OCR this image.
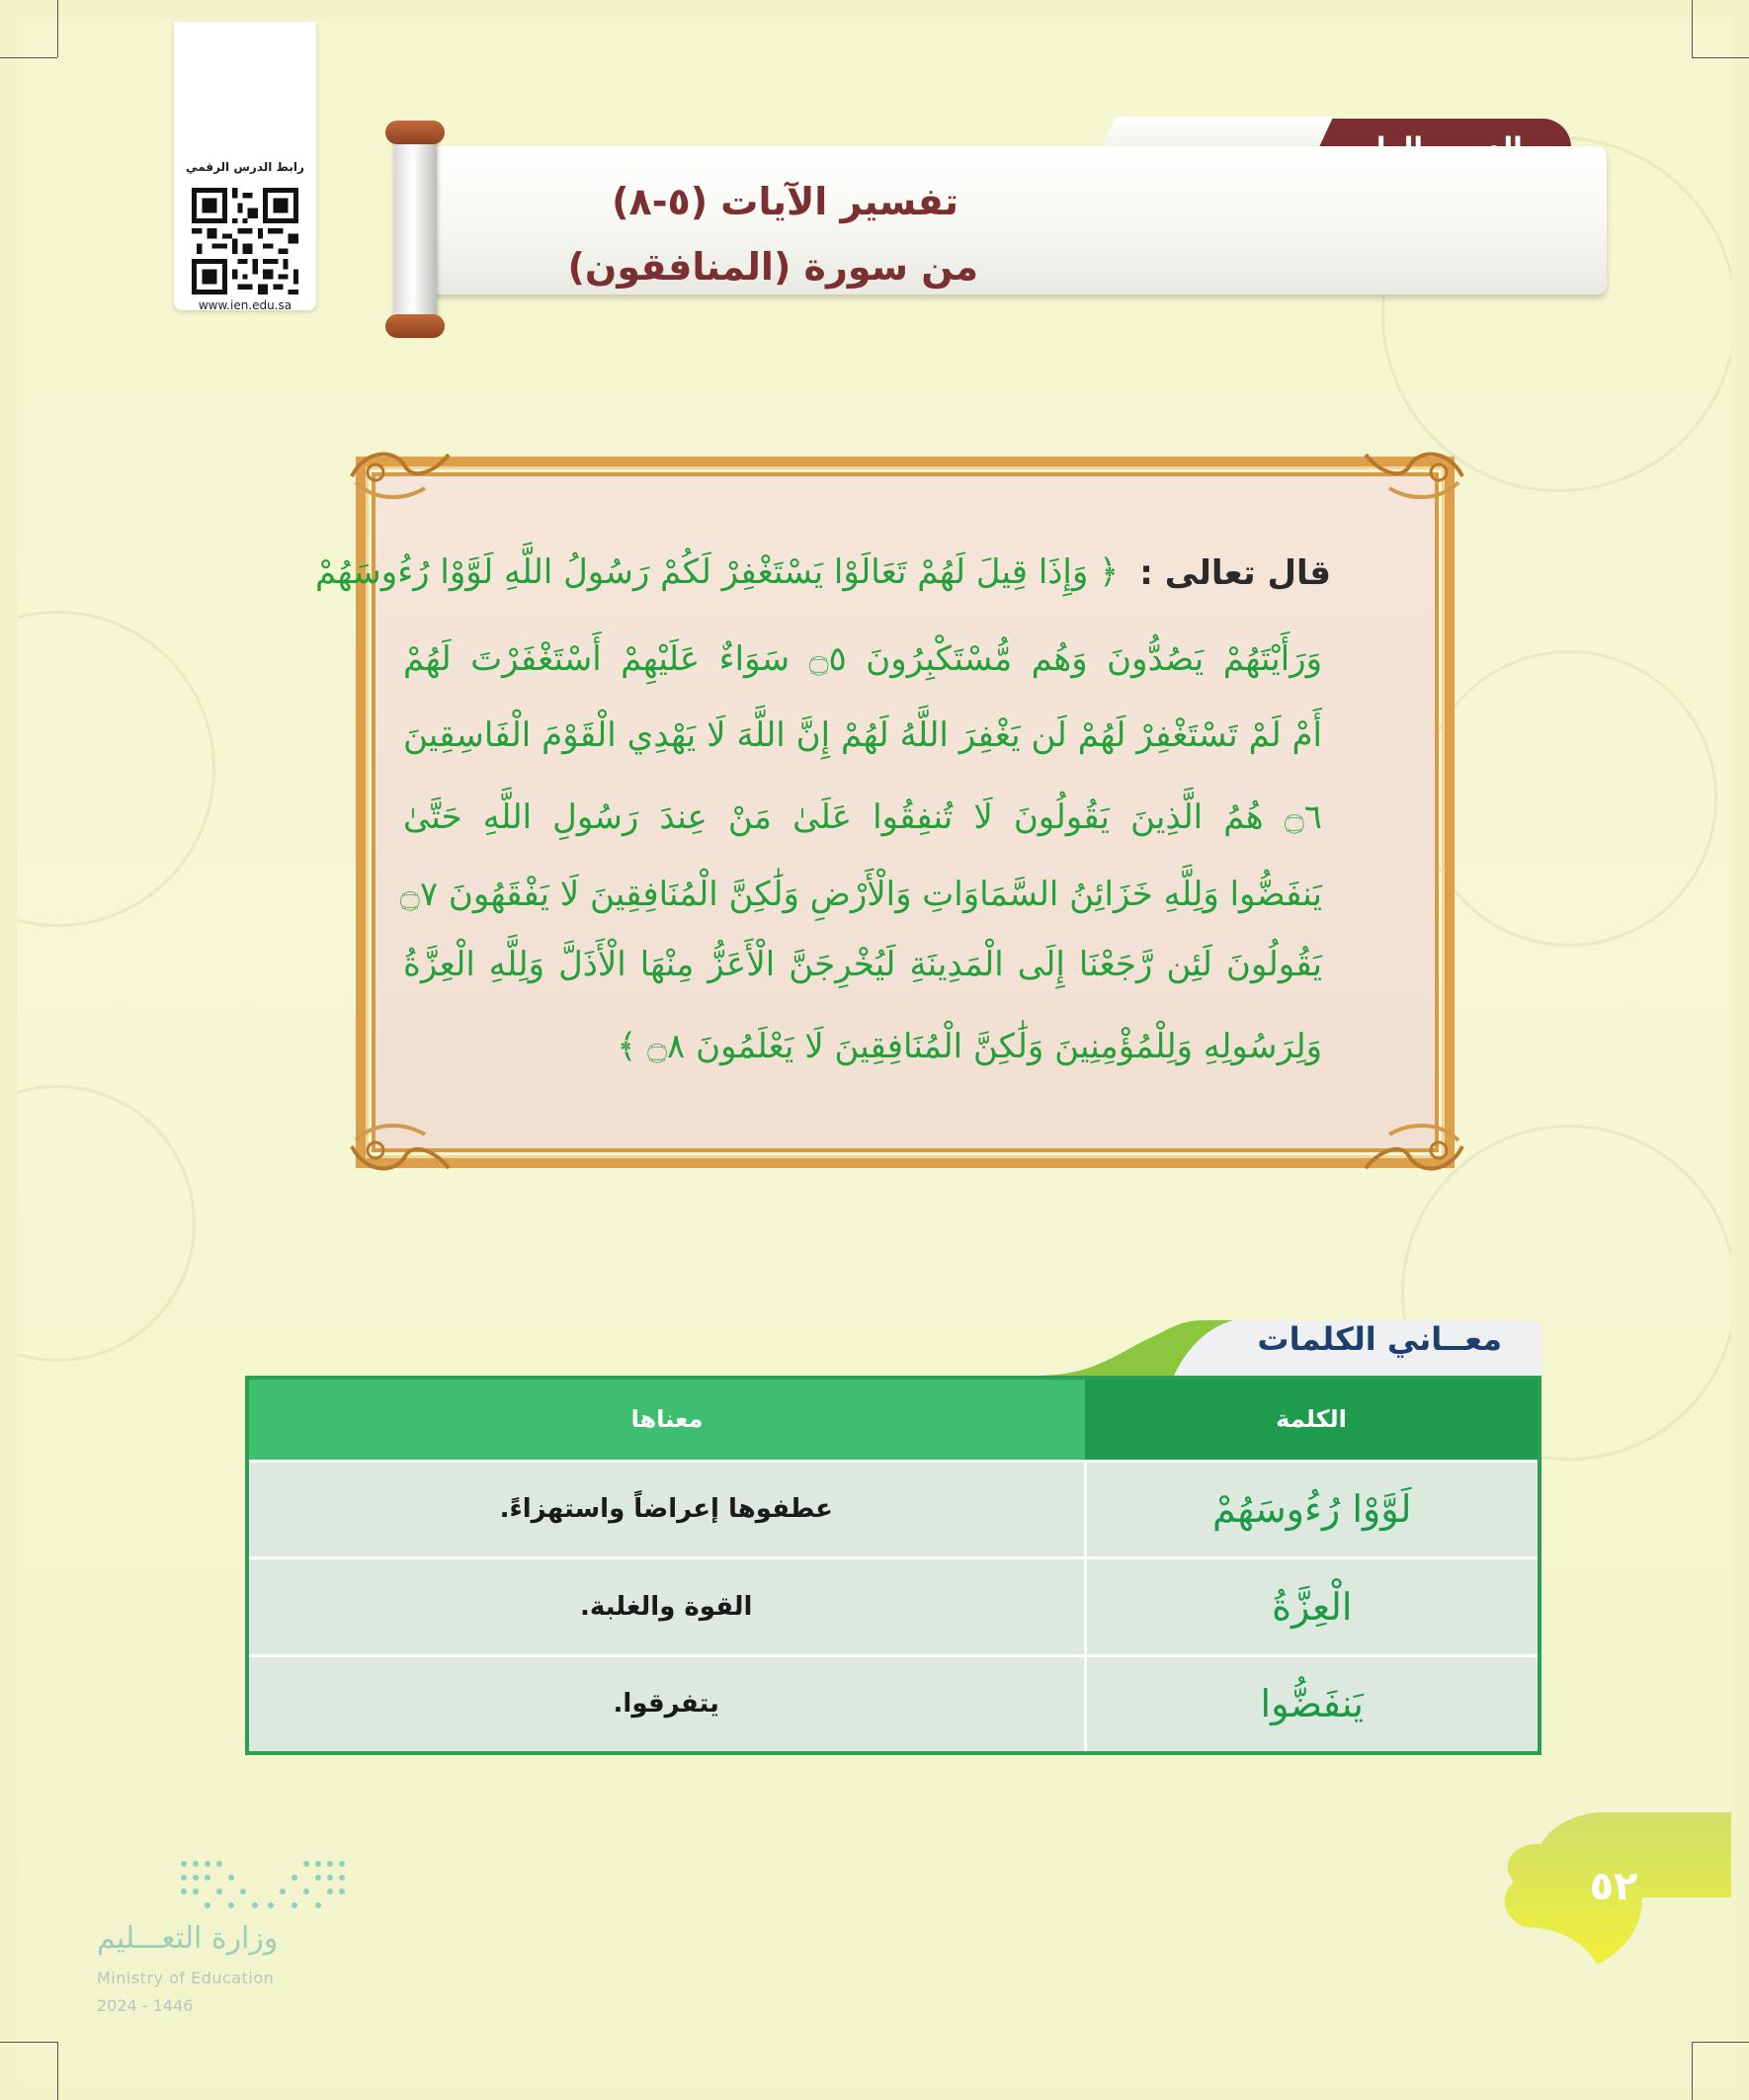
رابط الدرس الرقمي
www.ien.edu.sa
تفسير الآيات (٥-٨)
من سورة (المنافقون)
قال تعالى :
﴿ وَإِذَا قِيلَ لَهُمْ تَعَالَوْا يَسْتَغْفِرْ لَكُمْ رَسُولُ اللَّهِ لَوَّوْا رُءُوسَهُمْ
وَرَأَيْتَهُمْ يَصُدُّونَ وَهُم مُّسْتَكْبِرُونَ ۝٥ سَوَاءٌ عَلَيْهِمْ أَسْتَغْفَرْتَ لَهُمْ
أَمْ لَمْ تَسْتَغْفِرْ لَهُمْ لَن يَغْفِرَ اللَّهُ لَهُمْ إِنَّ اللَّهَ لَا يَهْدِي الْقَوْمَ الْفَاسِقِينَ
۝٦ هُمُ الَّذِينَ يَقُولُونَ لَا تُنفِقُوا عَلَىٰ مَنْ عِندَ رَسُولِ اللَّهِ حَتَّىٰ
يَنفَضُّوا وَلِلَّهِ خَزَائِنُ السَّمَاوَاتِ وَالْأَرْضِ وَلَٰكِنَّ الْمُنَافِقِينَ لَا يَفْقَهُونَ ۝٧
يَقُولُونَ لَئِن رَّجَعْنَا إِلَى الْمَدِينَةِ لَيُخْرِجَنَّ الْأَعَزُّ مِنْهَا الْأَذَلَّ وَلِلَّهِ الْعِزَّةُ
وَلِرَسُولِهِ وَلِلْمُؤْمِنِينَ وَلَٰكِنَّ الْمُنَافِقِينَ لَا يَعْلَمُونَ ۝٨ ﴾
معــاني الكلمات
الكلمة	معناها
لَوَّوْا رُءُوسَهُمْ	عطفوها إعراضاً واستهزاءً.
الْعِزَّةُ	القوة والغلبة.
يَنفَضُّوا	يتفرقوا.
٥٢
وزارة التعـــليم
Ministry of Education
2024 - 1446
